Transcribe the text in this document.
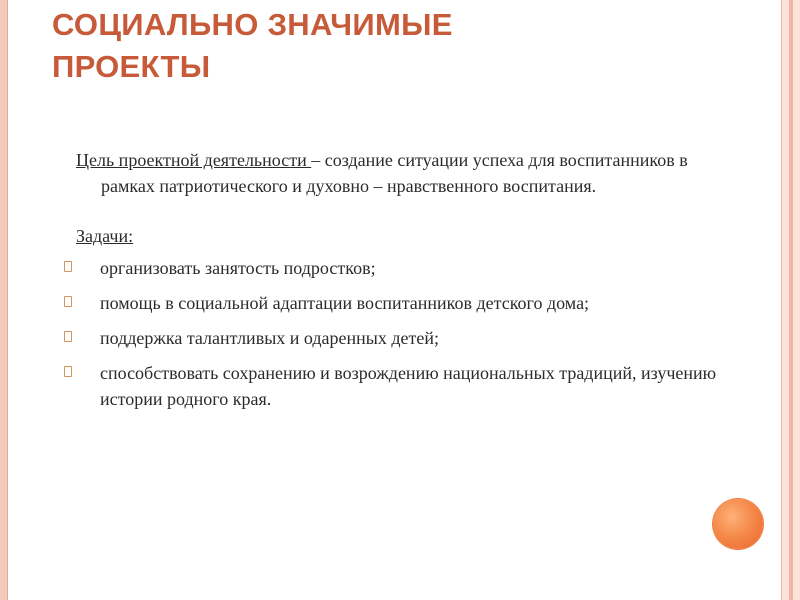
СОЦИАЛЬНО ЗНАЧИМЫЕ
ПРОЕКТЫ

Цель проектной деятельности – создание ситуации успеха для воспитанников в рамках патриотического и духовно – нравственного воспитания.

Задачи:

организовать занятость подростков;
помощь в социальной адаптации воспитанников детского дома;
поддержка талантливых и одаренных детей;
способствовать сохранению и возрождению национальных традиций, изучению истории родного края.
